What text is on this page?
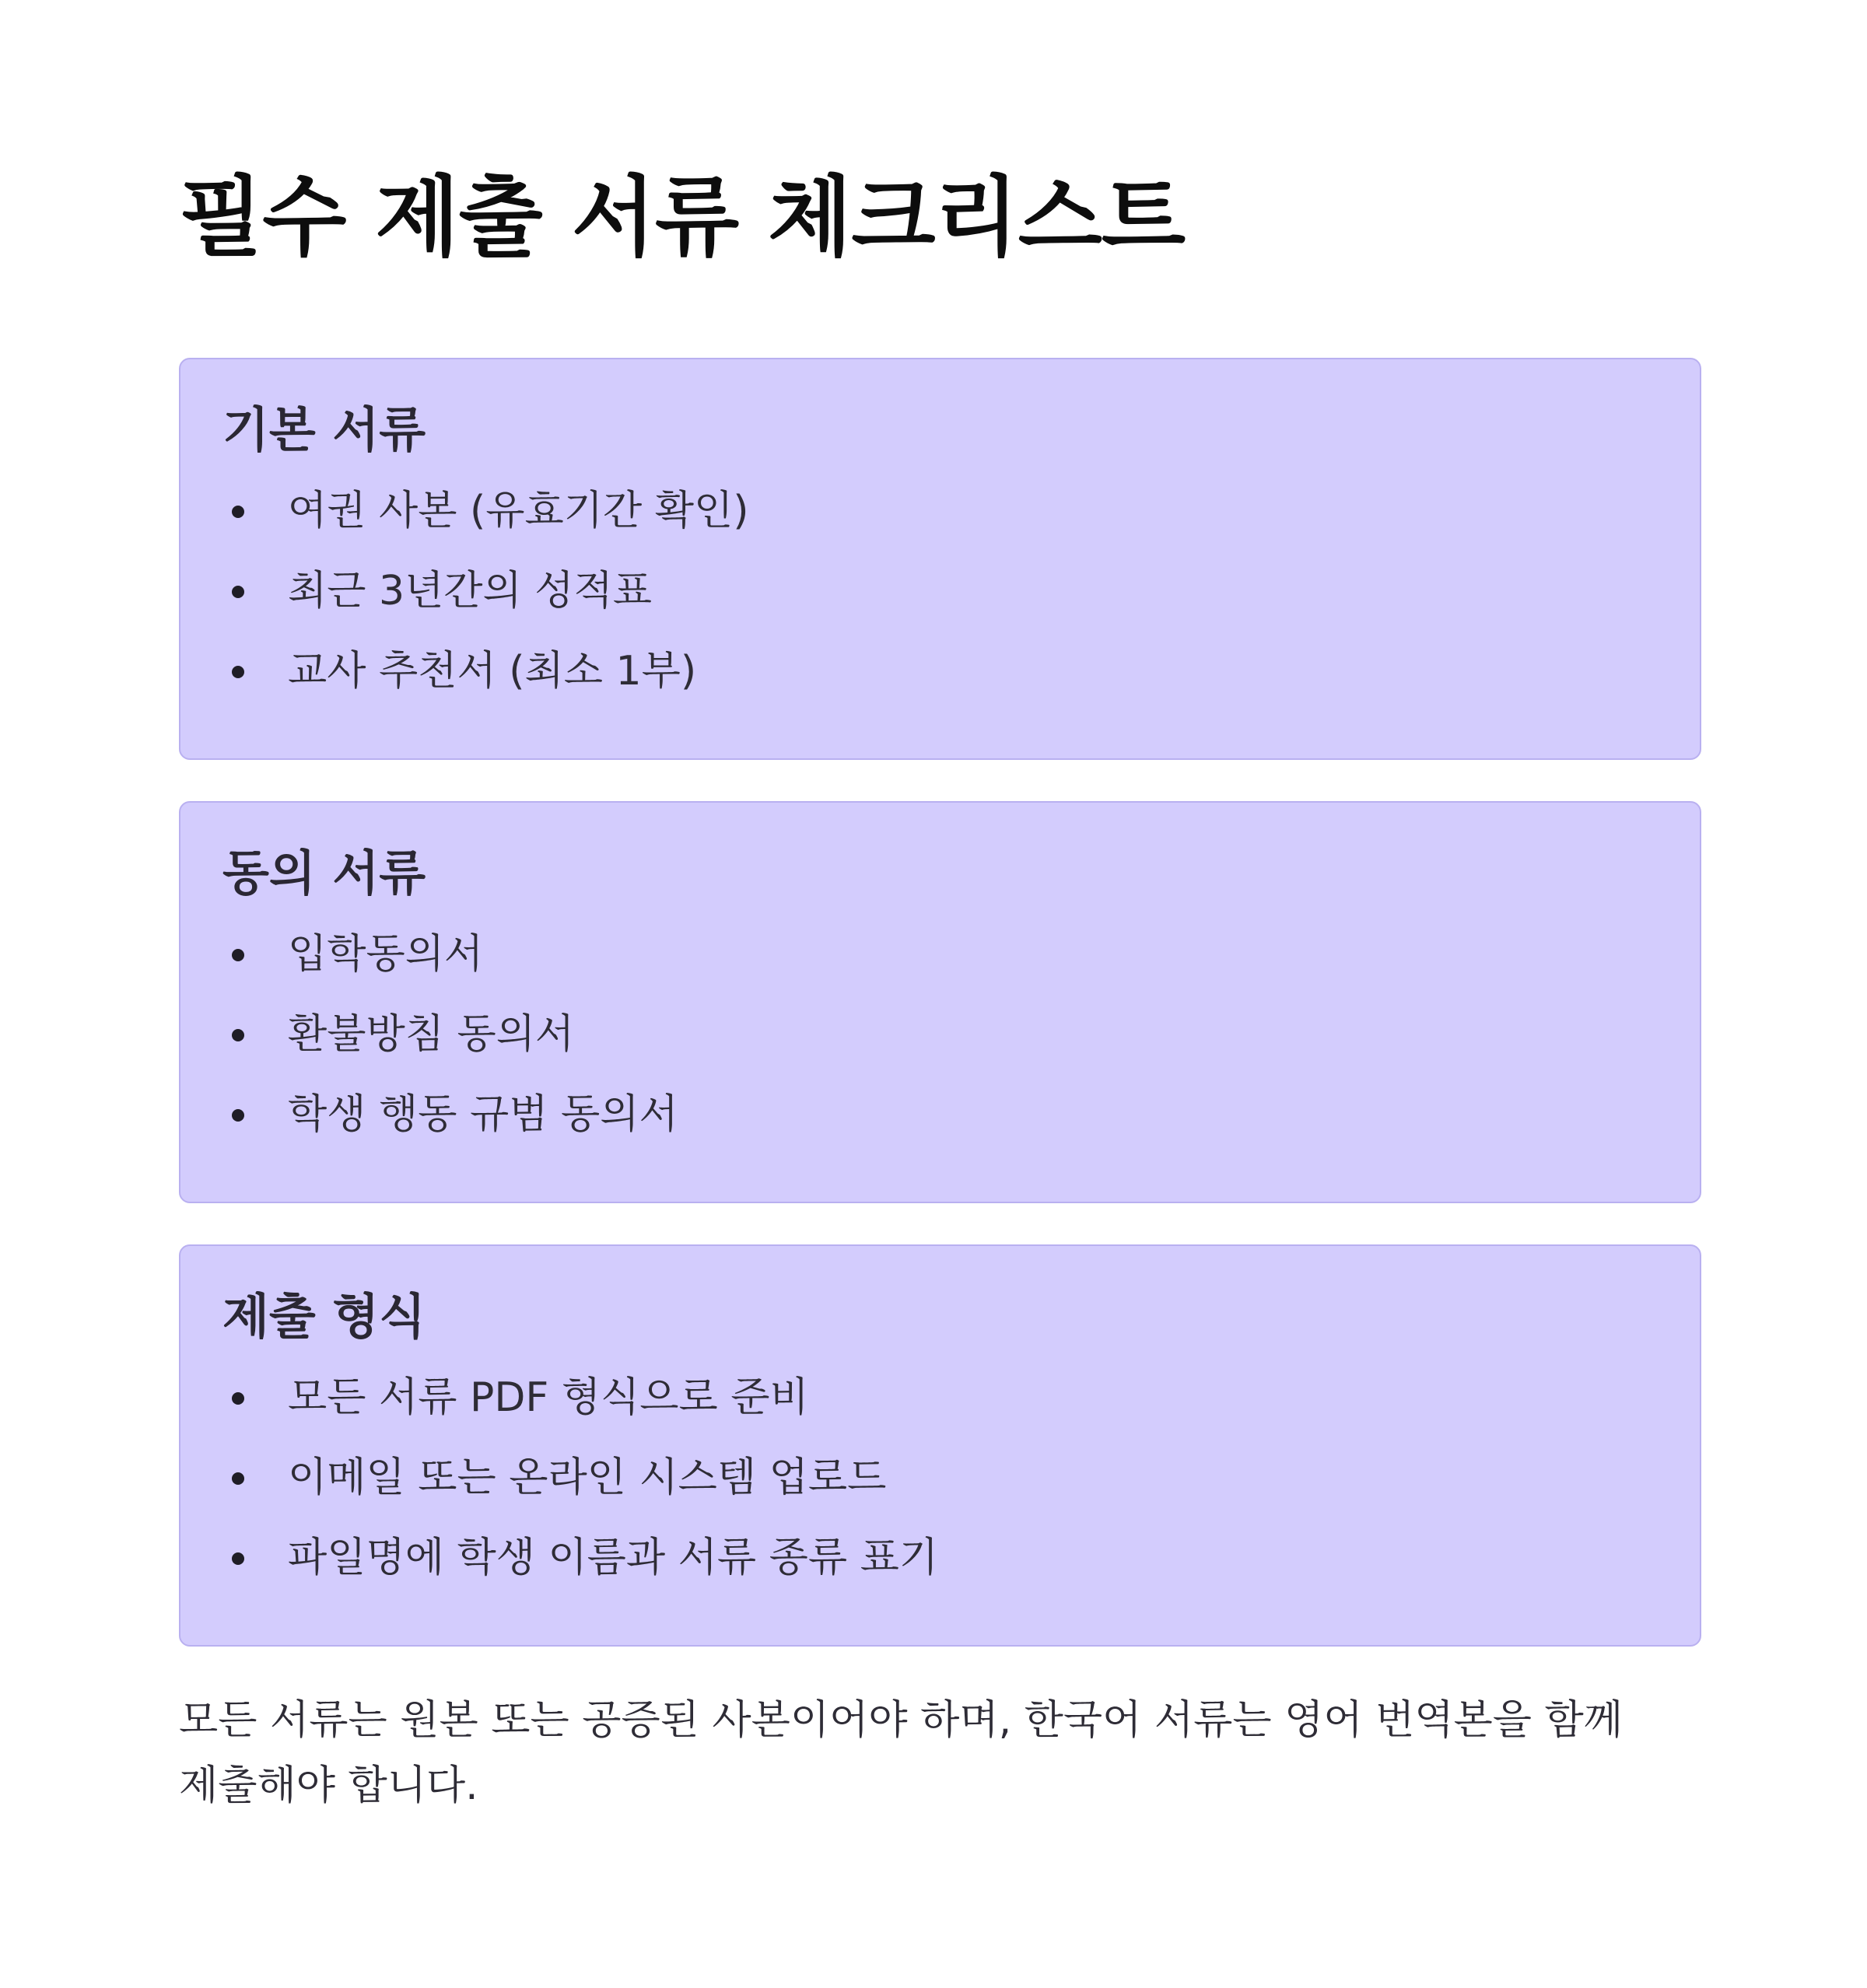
필수 제출 서류 체크리스트
기본 서류
여권 사본 (유효기간 확인)
최근 3년간의 성적표
교사 추천서 (최소 1부)
동의 서류
입학동의서
환불방침 동의서
학생 행동 규범 동의서
제출 형식
모든 서류 PDF 형식으로 준비
이메일 또는 온라인 시스템 업로드
파일명에 학생 이름과 서류 종류 표기

모든 서류는 원본 또는 공증된 사본이어야 하며, 한국어 서류는 영어 번역본을 함께 제출해야 합니다.
